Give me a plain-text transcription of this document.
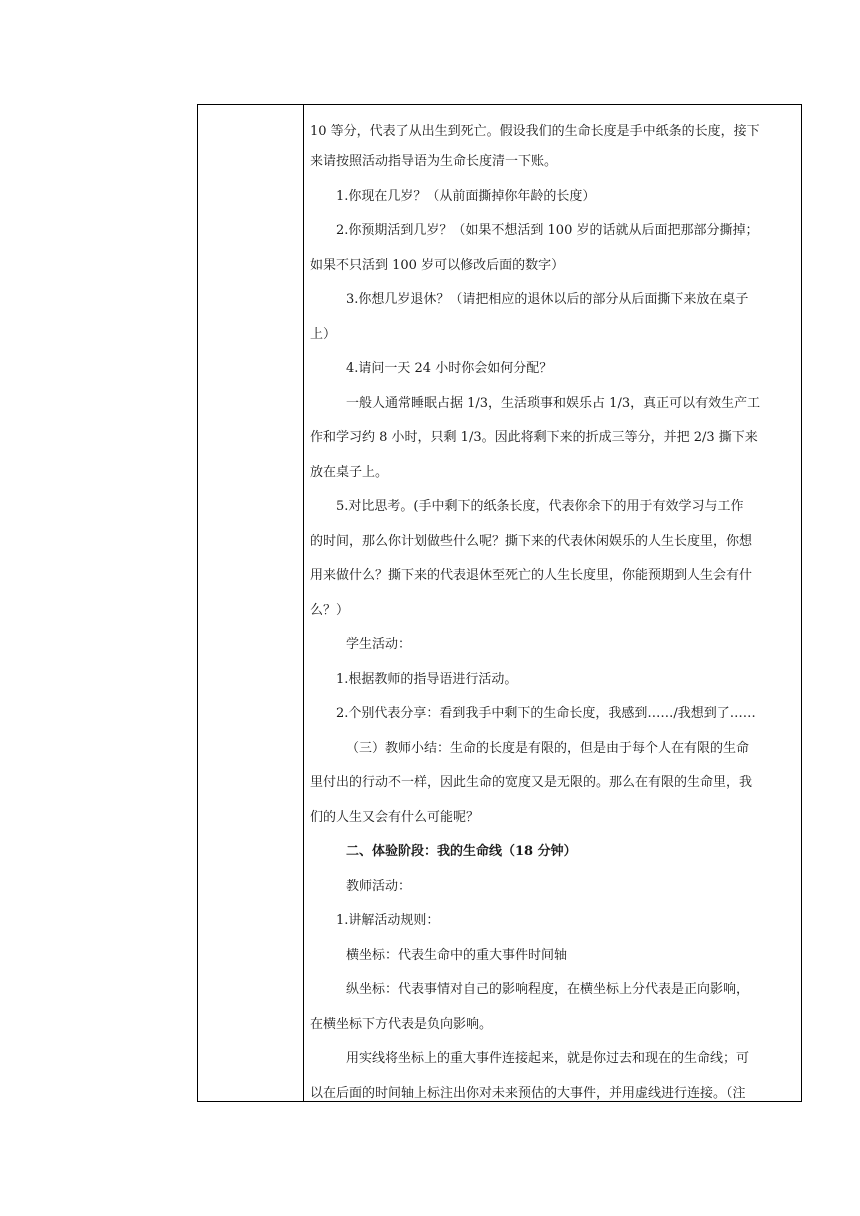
10 等分，代表了从出生到死亡。假设我们的生命长度是手中纸条的长度，接下
来请按照活动指导语为生命长度清一下账。
1.你现在几岁？（从前面撕掉你年龄的长度）
2.你预期活到几岁？（如果不想活到 100 岁的话就从后面把那部分撕掉；
如果不只活到 100 岁可以修改后面的数字）
3.你想几岁退休？（请把相应的退休以后的部分从后面撕下来放在桌子
上）
4.请问一天 24 小时你会如何分配？
一般人通常睡眠占据 1/3，生活琐事和娱乐占 1/3，真正可以有效生产工
作和学习约 8 小时，只剩 1/3。因此将剩下来的折成三等分，并把 2/3 撕下来
放在桌子上。
5.对比思考。(手中剩下的纸条长度，代表你余下的用于有效学习与工作
的时间，那么你计划做些什么呢？撕下来的代表休闲娱乐的人生长度里，你想
用来做什么？撕下来的代表退休至死亡的人生长度里，你能预期到人生会有什
么？）
学生活动：
1.根据教师的指导语进行活动。
2.个别代表分享：看到我手中剩下的生命长度，我感到……/我想到了……
（三）教师小结：生命的长度是有限的，但是由于每个人在有限的生命
里付出的行动不一样，因此生命的宽度又是无限的。那么在有限的生命里，我
们的人生又会有什么可能呢？
二、体验阶段：我的生命线（18 分钟）
教师活动：
1.讲解活动规则：
横坐标：代表生命中的重大事件时间轴
纵坐标：代表事情对自己的影响程度，在横坐标上分代表是正向影响，
在横坐标下方代表是负向影响。
用实线将坐标上的重大事件连接起来，就是你过去和现在的生命线；可
以在后面的时间轴上标注出你对未来预估的大事件，并用虚线进行连接。（注
